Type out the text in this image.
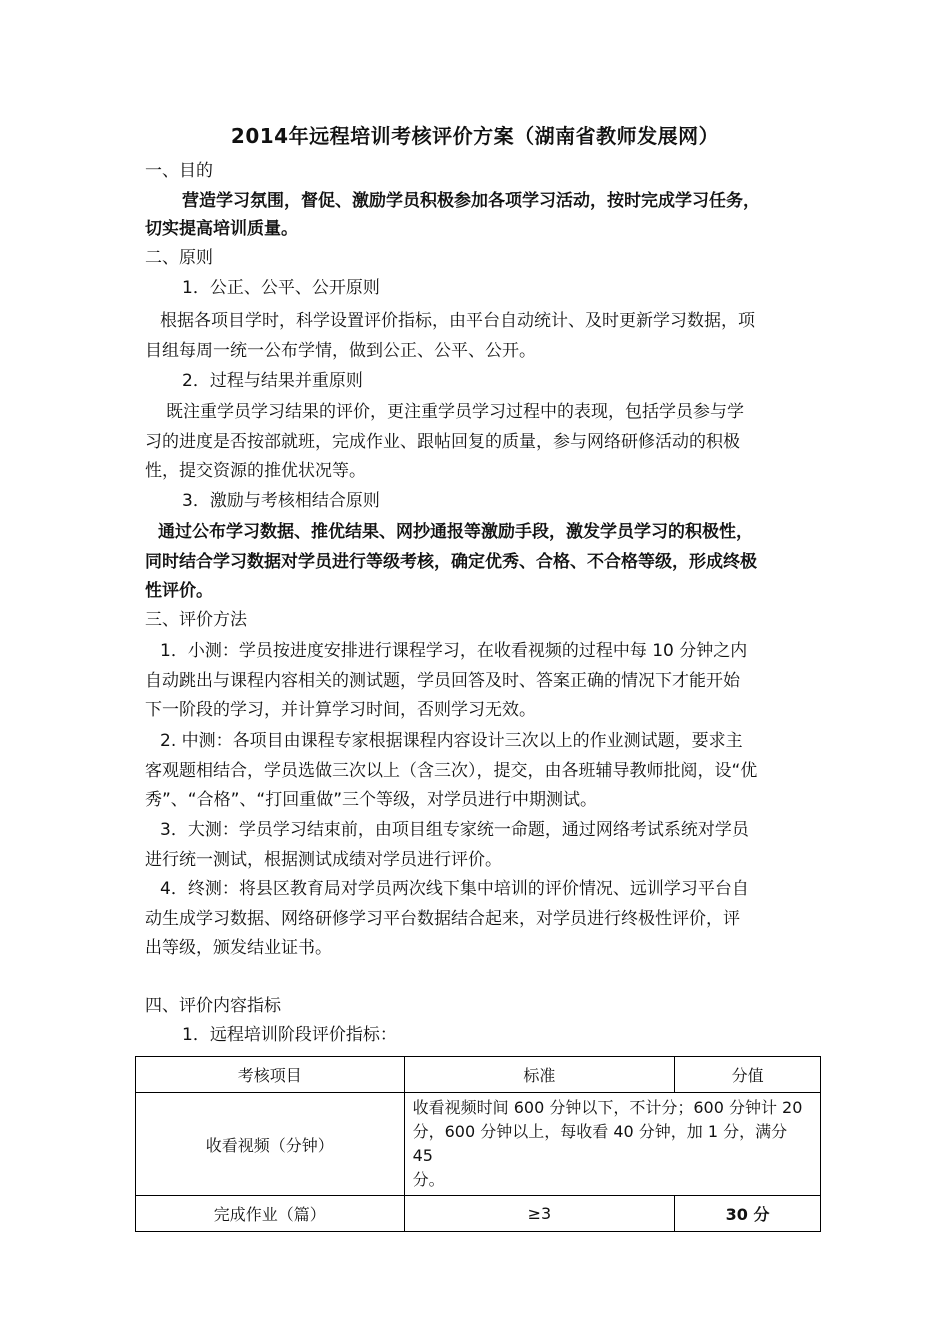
2014年远程培训考核评价方案（湖南省教师发展网）
一、目的
营造学习氛围，督促、激励学员积极参加各项学习活动，按时完成学习任务，
切实提高培训质量。
二、原则
1．公正、公平、公开原则
根据各项目学时，科学设置评价指标，由平台自动统计、及时更新学习数据，项
目组每周一统一公布学情，做到公正、公平、公开。
2．过程与结果并重原则
既注重学员学习结果的评价，更注重学员学习过程中的表现，包括学员参与学
习的进度是否按部就班，完成作业、跟帖回复的质量，参与网络研修活动的积极
性，提交资源的推优状况等。
3．激励与考核相结合原则
通过公布学习数据、推优结果、网抄通报等激励手段，激发学员学习的积极性，
同时结合学习数据对学员进行等级考核，确定优秀、合格、不合格等级，形成终极
性评价。
三、评价方法
1．小测：学员按进度安排进行课程学习，在收看视频的过程中每 10 分钟之内
自动跳出与课程内容相关的测试题，学员回答及时、答案正确的情况下才能开始
下一阶段的学习，并计算学习时间，否则学习无效。
2. 中测：各项目由课程专家根据课程内容设计三次以上的作业测试题，要求主
客观题相结合，学员选做三次以上（含三次），提交，由各班辅导教师批阅，设“优
秀”、“合格”、“打回重做”三个等级，对学员进行中期测试。
3．大测：学员学习结束前，由项目组专家统一命题，通过网络考试系统对学员
进行统一测试，根据测试成绩对学员进行评价。
4．终测：将县区教育局对学员两次线下集中培训的评价情况、远训学习平台自
动生成学习数据、网络研修学习平台数据结合起来，对学员进行终极性评价，评
出等级，颁发结业证书。
四、评价内容指标
1．远程培训阶段评价指标：
考核项目	标准	分值
收看视频（分钟）	收看视频时间 600 分钟以下，不计分；600 分钟计 20
分，600 分钟以上，每收看 40 分钟，加 1 分，满分 45
分。	

完成作业（篇）	≥3	30 分
